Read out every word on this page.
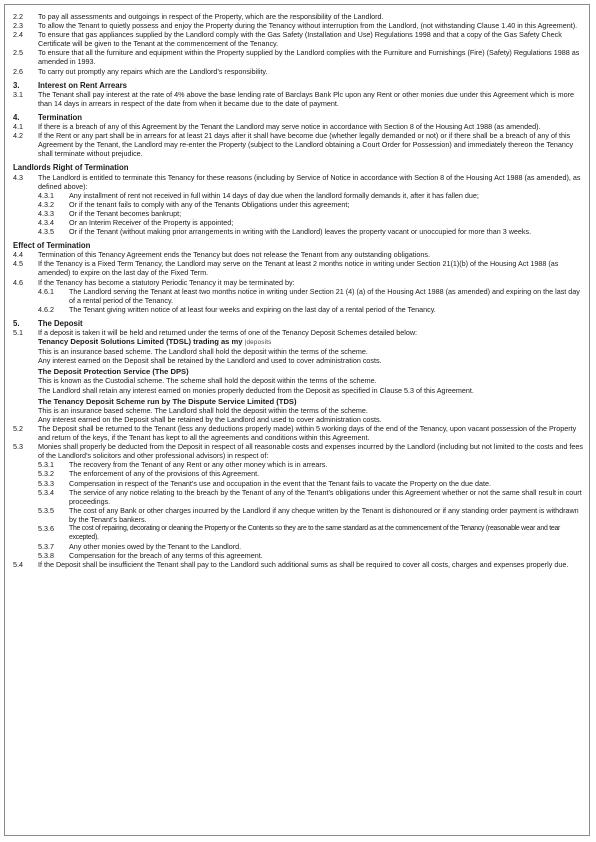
2.2	To pay all assessments and outgoings in respect of the Property, which are the responsibility of the Landlord.
2.3	To allow the Tenant to quietly possess and enjoy the Property during the Tenancy without interruption from the Landlord, (not withstanding Clause 1.40 in this Agreement).
2.4	To ensure that gas appliances supplied by the Landlord comply with the Gas Safety (Installation and Use) Regulations 1998 and that a copy of the Gas Safety Check Certificate will be given to the Tenant at the commencement of the Tenancy.
2.5	To ensure that all the furniture and equipment within the Property supplied by the Landlord complies with the Furniture and Furnishings (Fire) (Safety) Regulations 1988 as amended in 1993.
2.6	To carry out promptly any repairs which are the Landlord’s responsibility.
3.	Interest on Rent Arrears
3.1	The Tenant shall pay interest at the rate of 4% above the base lending rate of Barclays Bank Plc upon any Rent or other monies due under this Agreement which is more than 14 days in arrears in respect of the date from when it became due to the date of payment.
4.	Termination
4.1	If there is a breach of any of this Agreement by the Tenant the Landlord may serve notice in accordance with Section 8 of the Housing Act 1988 (as amended).
4.2	If the Rent or any part shall be in arrears for at least 21 days after it shall have become due (whether legally demanded or not) or if there shall be a breach of any of this Agreement by the Tenant, the Landlord may re-enter the Property (subject to the Landlord obtaining a Court Order for Possession) and immediately thereon the Tenancy shall terminate without prejudice.
Landlords Right of Termination
4.3	The Landlord is entitled to terminate this Tenancy for these reasons (including by Service of Notice in accordance with Section 8 of the Housing Act 1988 (as amended), as defined above):
4.3.1	Any installment of rent not received in full within 14 days of day due when the landlord formally demands it, after it has fallen due;
4.3.2	Or if the tenant fails to comply with any of the Tenants Obligations under this agreement;
4.3.3	Or if the Tenant becomes bankrupt;
4.3.4	Or an Interim Receiver of the Property is appointed;
4.3.5	Or if the Tenant (without making prior arrangements in writing with the Landlord) leaves the property vacant or unoccupied for more than 3 weeks.
Effect of Termination
4.4	Termination of this Tenancy Agreement ends the Tenancy but does not release the Tenant from any outstanding obligations.
4.5	If the Tenancy is a Fixed Term Tenancy, the Landlord may serve on the Tenant at least 2 months notice in writing under Section 21(1)(b) of the Housing Act 1988 (as amended) to expire on the last day of the Fixed Term.
4.6	If the Tenancy has become a statutory Periodic Tenancy it may be terminated by:
4.6.1	The Landlord serving the Tenant at least two months notice in writing under Section 21 (4) (a) of the Housing Act 1988 (as amended) and expiring on the last day of a rental period of the Tenancy.
4.6.2	The Tenant giving written notice of at least four weeks and expiring on the last day of a rental period of the Tenancy.
5.	The Deposit
5.1	If a deposit is taken it will be held and returned under the terms of one of the Tenancy Deposit Schemes detailed below:
Tenancy Deposit Solutions Limited (TDSL) trading as my |deposits
This is an insurance based scheme. The Landlord shall hold the deposit within the terms of the scheme.
Any interest earned on the Deposit shall be retained by the Landlord and used to cover administration costs.
The Deposit Protection Service (The DPS)
This is known as the Custodial scheme. The scheme shall hold the deposit within the terms of the scheme.
The Landlord shall retain any interest earned on monies properly deducted from the Deposit as specified in Clause 5.3 of this Agreement.
The Tenancy Deposit Scheme run by The Dispute Service Limited (TDS)
This is an insurance based scheme. The Landlord shall hold the deposit within the terms of the scheme.
Any interest earned on the Deposit shall be retained by the Landlord and used to cover administration costs.
5.2	The Deposit shall be returned to the Tenant (less any deductions properly made) within 5 working days of the end of the Tenancy, upon vacant possession of the Property and return of the keys, if the Tenant has kept to all the agreements and conditions within this Agreement.
5.3	Monies shall properly be deducted from the Deposit in respect of all reasonable costs and expenses incurred by the Landlord (including but not limited to the costs and fees of the Landlord’s solicitors and other professional advisors) in respect of:
5.3.1	The recovery from the Tenant of any Rent or any other money which is in arrears.
5.3.2	The enforcement of any of the provisions of this Agreement.
5.3.3	Compensation in respect of the Tenant’s use and occupation in the event that the Tenant fails to vacate the Property on the due date.
5.3.4	The service of any notice relating to the breach by the Tenant of any of the Tenant’s obligations under this Agreement whether or not the same shall result in court proceedings.
5.3.5	The cost of any Bank or other charges incurred by the Landlord if any cheque written by the Tenant is dishonoured or if any standing order payment is withdrawn by the Tenant’s bankers.
5.3.6	The cost of repairing, decorating or cleaning the Property or the Contents so they are to the same standard as at the commencement of the Tenancy (reasonable wear and tear excepted).
5.3.7	Any other monies owed by the Tenant to the Landlord.
5.3.8	Compensation for the breach of any terms of this agreement.
5.4	If the Deposit shall be insufficient the Tenant shall pay to the Landlord such additional sums as shall be required to cover all costs, charges and expenses properly due.
